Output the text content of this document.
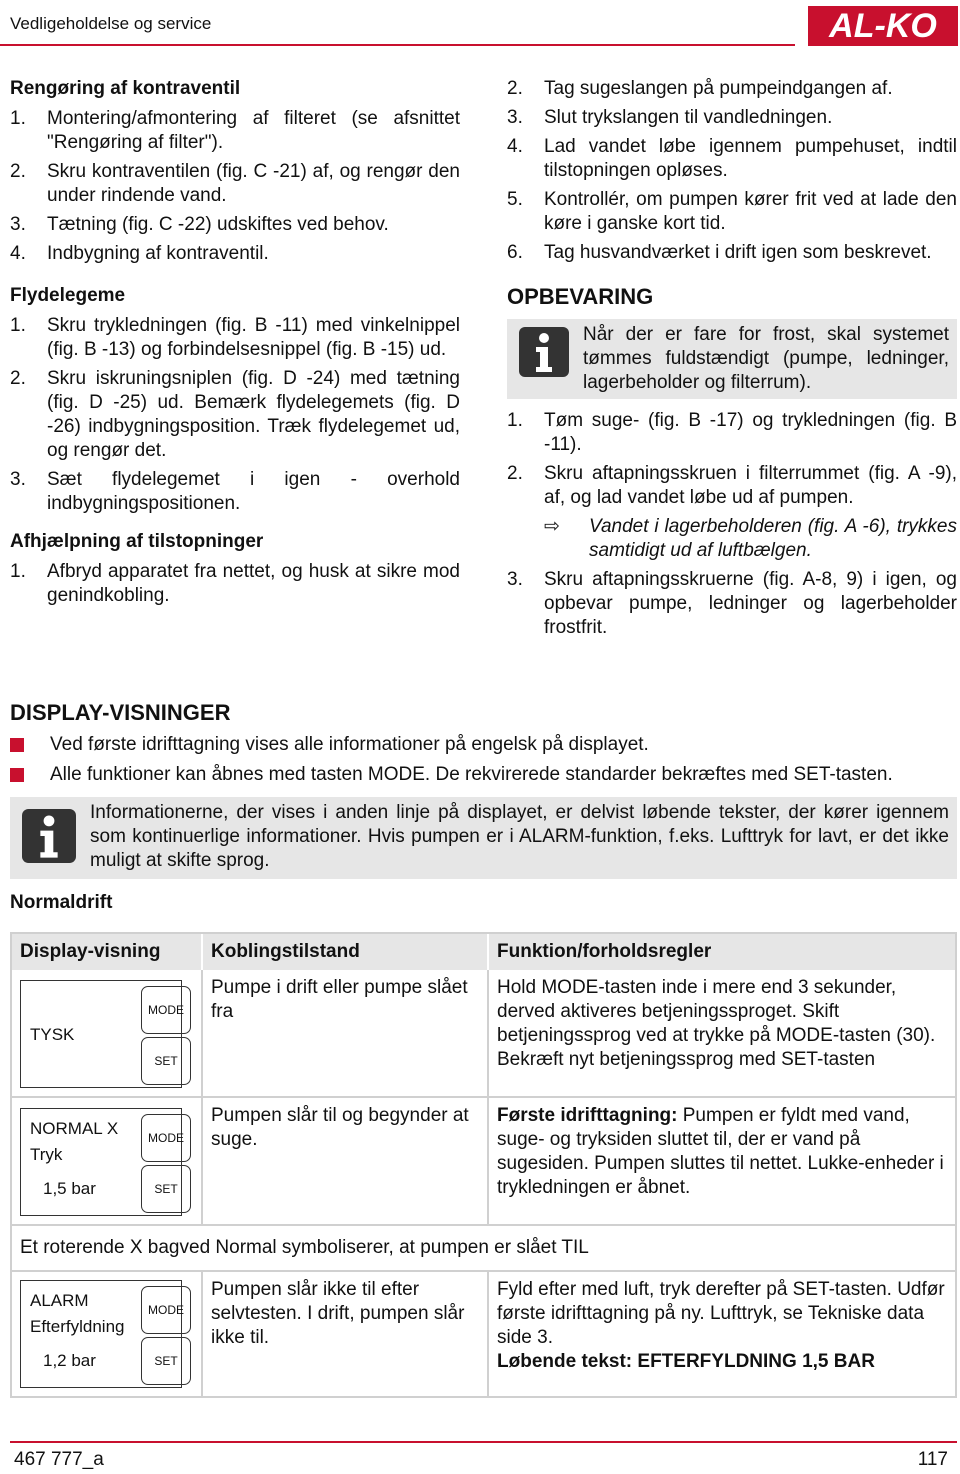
Vedligeholdelse og service	AL-KO
Rengøring af kontraventil
1.	Montering/afmontering af filteret (se afsnittet "Rengøring af filter").
2.	Skru kontraventilen (fig. C -21) af, og rengør den under rindende vand.
3.	Tætning (fig. C -22) udskiftes ved behov.
4.	Indbygning af kontraventil.
Flydelegeme
1.	Skru trykledningen (fig. B -11) med vinkelnippel (fig. B -13) og forbindelsesnippel (fig. B -15) ud.
2.	Skru iskruningsniplen (fig. D -24) med tætning (fig. D -25) ud. Bemærk flydelegemets (fig. D -26) indbygningsposition. Træk flydelegemet ud, og rengør det.
3.	Sæt flydelegemet i igen - overhold indbygningspositionen.
Afhjælpning af tilstopninger
1.	Afbryd apparatet fra nettet, og husk at sikre mod genindkobling.
2.	Tag sugeslangen på pumpeindgangen af.
3.	Slut trykslangen til vandledningen.
4.	Lad vandet løbe igennem pumpehuset, indtil tilstopningen opløses.
5.	Kontrollér, om pumpen kører frit ved at lade den køre i ganske kort tid.
6.	Tag husvandværket i drift igen som beskrevet.
OPBEVARING
Når der er fare for frost, skal systemet tømmes fuldstændigt (pumpe, ledninger, lagerbeholder og filterrum).
1.	Tøm suge- (fig. B -17) og trykledningen (fig. B -11).
2.	Skru aftapningsskruen i filterrummet (fig. A -9), af, og lad vandet løbe ud af pumpen.
⇨	Vandet i lagerbeholderen (fig. A -6), trykkes samtidigt ud af luftbælgen.
3.	Skru aftapningsskruerne (fig. A-8, 9) i igen, og opbevar pumpe, ledninger og lagerbeholder frostfrit.
DISPLAY-VISNINGER
Ved første idrifttagning vises alle informationer på engelsk på displayet.
Alle funktioner kan åbnes med tasten MODE. De rekvirerede standarder bekræftes med SET-tasten.
Informationerne, der vises i anden linje på displayet, er delvist løbende tekster, der kører igennem som kontinuerlige informationer. Hvis pumpen er i ALARM-funktion, f.eks. Lufttryk for lavt, er det ikke muligt at skifte sprog.
Normaldrift
Display-visning	Koblingstilstand	Funktion/forholdsregler

TYSK
MODE
SET	Pumpe i drift eller pumpe slået fra	Hold MODE-tasten inde i mere end 3 sekunder, derved aktiveres betjeningssproget. Skift betjeningssprog ved at trykke på MODE-tasten (30). Bekræft nyt betjeningssprog med SET-tasten

NORMAL X
Tryk
1,5 bar
MODE
SET	Pumpen slår til og begynder at suge.	Første idrifttagning: Pumpen er fyldt med vand, suge- og tryksiden sluttet til, der er vand på sugesiden. Pumpen sluttes til nettet. Lukke-enheder i trykledningen er åbnet.
Et roterende X bagved Normal symboliserer, at pumpen er slået TIL		

ALARM
Efterfyldning
1,2 bar
MODE
SET	Pumpen slår ikke til efter selvtesten. I drift, pumpen slår ikke til.	Fyld efter med luft, tryk derefter på SET-tasten. Udfør første idrifttagning på ny. Lufttryk, se Tekniske data side 3.
Løbende tekst: EFTERFYLDNING 1,5 BAR
467 777_a	117
